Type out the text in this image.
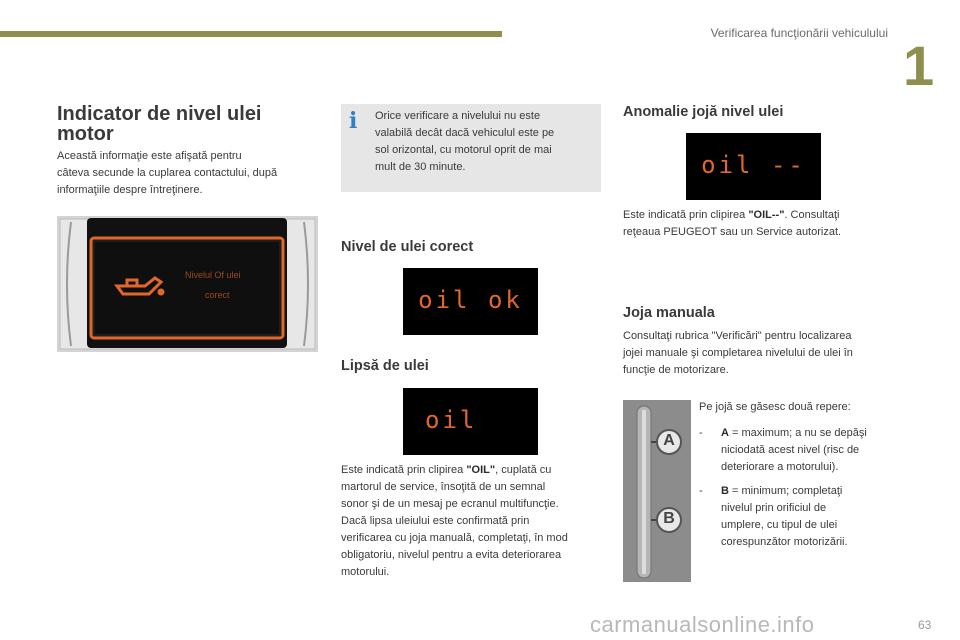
Verificarea funcţionării vehiculului
1
Indicator de nivel ulei
motor
Această informaţie este afişată pentru
câteva secunde la cuplarea contactului, după
informaţiile despre întreţinere.
Nivelul Of ulei
corect
i	Orice verificare a nivelului nu este
valabilă decât dacă vehiculul este pe
sol orizontal, cu motorul oprit de mai
mult de 30 minute.
Nivel de ulei corect
oil ok
Lipsă de ulei
oil
Este indicată prin clipirea "OIL", cuplată cu
martorul de service, însoţită de un semnal
sonor şi de un mesaj pe ecranul multifuncţie.
Dacă lipsa uleiului este confirmată prin
verificarea cu joja manuală, completaţi, în mod
obligatoriu, nivelul pentru a evita deteriorarea
motorului.
Anomalie jojă nivel ulei
oil --
Este indicată prin clipirea "OIL--". Consultaţi
reţeaua PEUGEOT sau un Service autorizat.
Joja manuala
Consultaţi rubrica "Verificări" pentru localizarea
jojei manuale şi completarea nivelului de ulei în
funcţie de motorizare.
A
B
Pe jojă se găsesc două repere:
-	A = maximum; a nu se depăşi
niciodată acest nivel (risc de
deteriorare a motorului).
-	B = minimum; completaţi
nivelul prin orificiul de
umplere, cu tipul de ulei
corespunzător motorizării.
carmanualsonline.info	63
